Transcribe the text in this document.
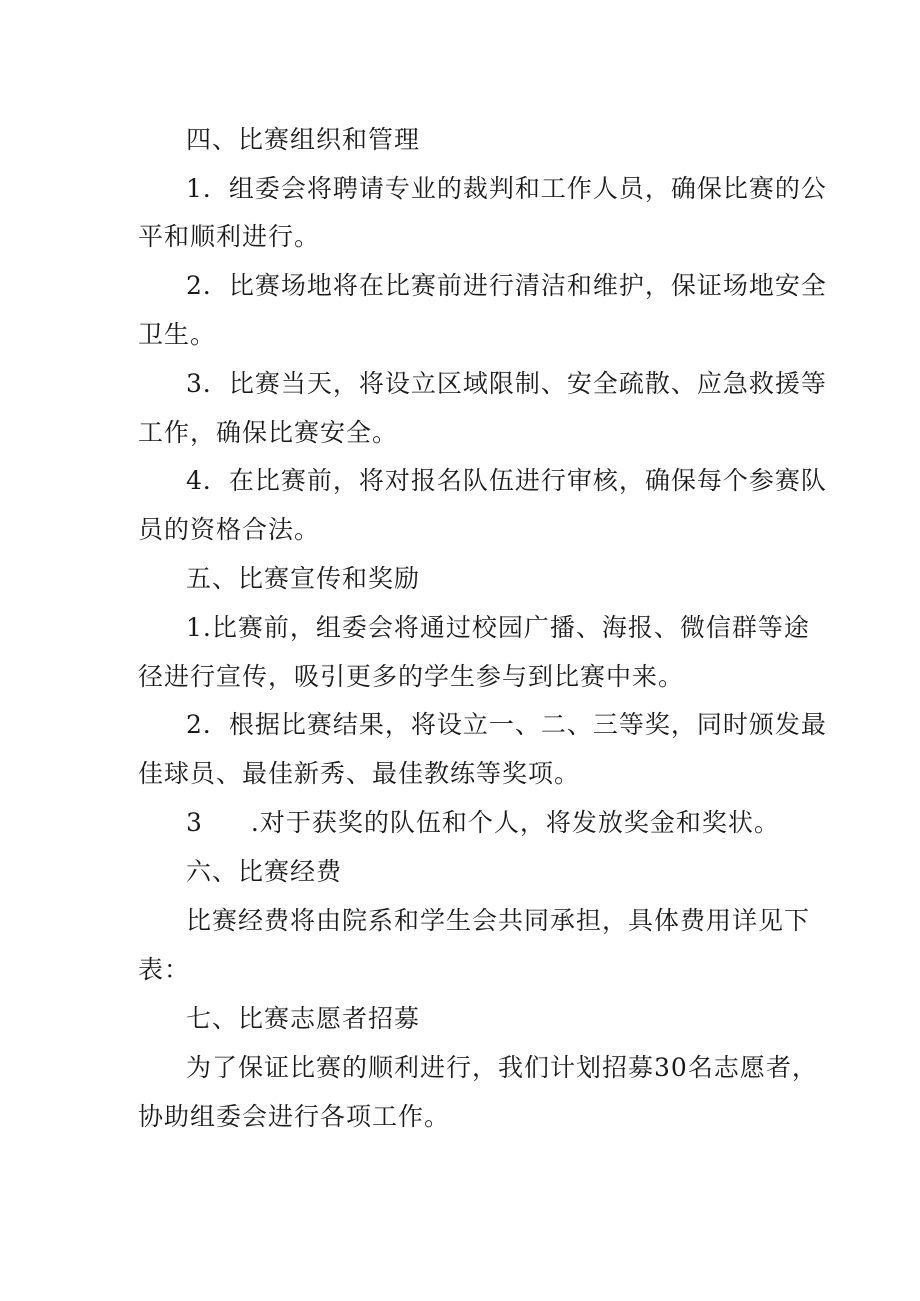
四、比赛组织和管理
1．组委会将聘请专业的裁判和工作人员，确保比赛的公
平和顺利进行。
2．比赛场地将在比赛前进行清洁和维护，保证场地安全
卫生。
3．比赛当天，将设立区域限制、安全疏散、应急救援等
工作，确保比赛安全。
4．在比赛前，将对报名队伍进行审核，确保每个参赛队
员的资格合法。
五、比赛宣传和奖励
1.比赛前，组委会将通过校园广播、海报、微信群等途
径进行宣传，吸引更多的学生参与到比赛中来。
2．根据比赛结果，将设立一、二、三等奖，同时颁发最
佳球员、最佳新秀、最佳教练等奖项。
3 .对于获奖的队伍和个人，将发放奖金和奖状。
六、比赛经费
比赛经费将由院系和学生会共同承担，具体费用详见下
表：
七、比赛志愿者招募
为了保证比赛的顺利进行，我们计划招募30名志愿者，
协助组委会进行各项工作。
